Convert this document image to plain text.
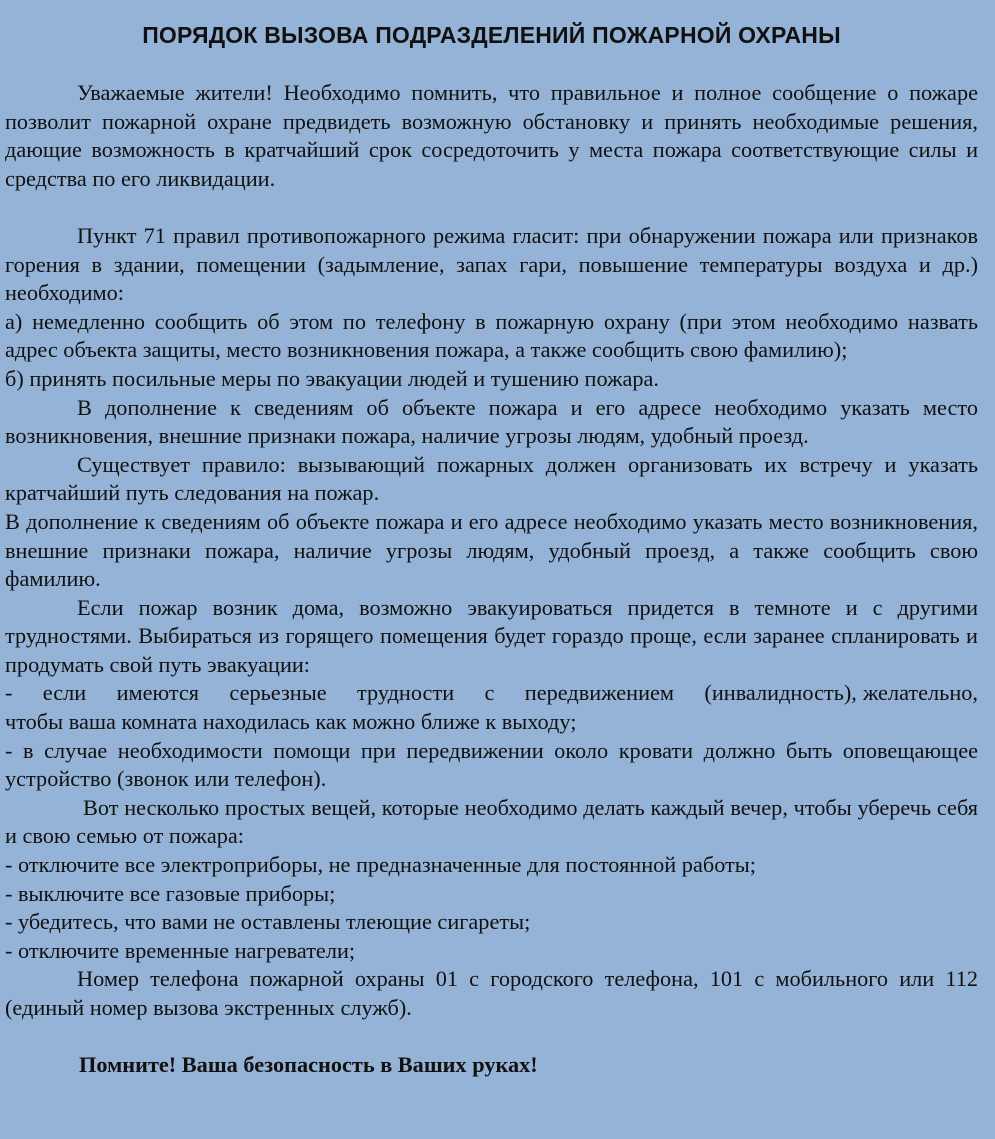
ПОРЯДОК ВЫЗОВА ПОДРАЗДЕЛЕНИЙ ПОЖАРНОЙ ОХРАНЫ

Уважаемые жители! Необходимо помнить, что правильное и полное сообщение о пожаре позволит пожарной охране предвидеть возможную обстановку и принять необходимые решения, дающие возможность в кратчайший срок сосредоточить у места пожара соответствующие силы и средства по его ликвидации.

Пункт 71 правил противопожарного режима гласит: при обнаружении пожара или признаков горения в здании, помещении (задымление, запах гари, повышение температуры воздуха и др.) необходимо:

а) немедленно сообщить об этом по телефону в пожарную охрану (при этом необходимо назвать адрес объекта защиты, место возникновения пожара, а также сообщить свою фамилию);

б) принять посильные меры по эвакуации людей и тушению пожара.

В дополнение к сведениям об объекте пожара и его адресе необходимо указать место возникновения, внешние признаки пожара, наличие угрозы людям, удобный проезд.

Существует правило: вызывающий пожарных должен организовать их встречу и указать кратчайший путь следования на пожар.

В дополнение к сведениям об объекте пожара и его адресе необходимо указать место возникновения, внешние признаки пожара, наличие угрозы людям, удобный проезд, а также сообщить свою фамилию.

Если пожар возник дома, возможно эвакуироваться придется в темноте и с другими трудностями. Выбираться из горящего помещения будет гораздо проще, если заранее спланировать и продумать свой путь эвакуации:

-     если     имеются     серьезные     трудности     с     передвижением     (инвалидность), желательно, чтобы ваша комната находилась как можно ближе к выходу;

- в случае необходимости помощи при передвижении около кровати должно быть оповещающее устройство (звонок или телефон).

Вот несколько простых вещей, которые необходимо делать каждый вечер, чтобы уберечь себя и свою семью от пожара:

- отключите все электроприборы, не предназначенные для постоянной работы;

- выключите все газовые приборы;

- убедитесь, что вами не оставлены тлеющие сигареты;

- отключите временные нагреватели;

Номер телефона пожарной охраны 01 с городского телефона, 101 с мобильного или 112 (единый номер вызова экстренных служб).

Помните! Ваша безопасность в Ваших руках!
